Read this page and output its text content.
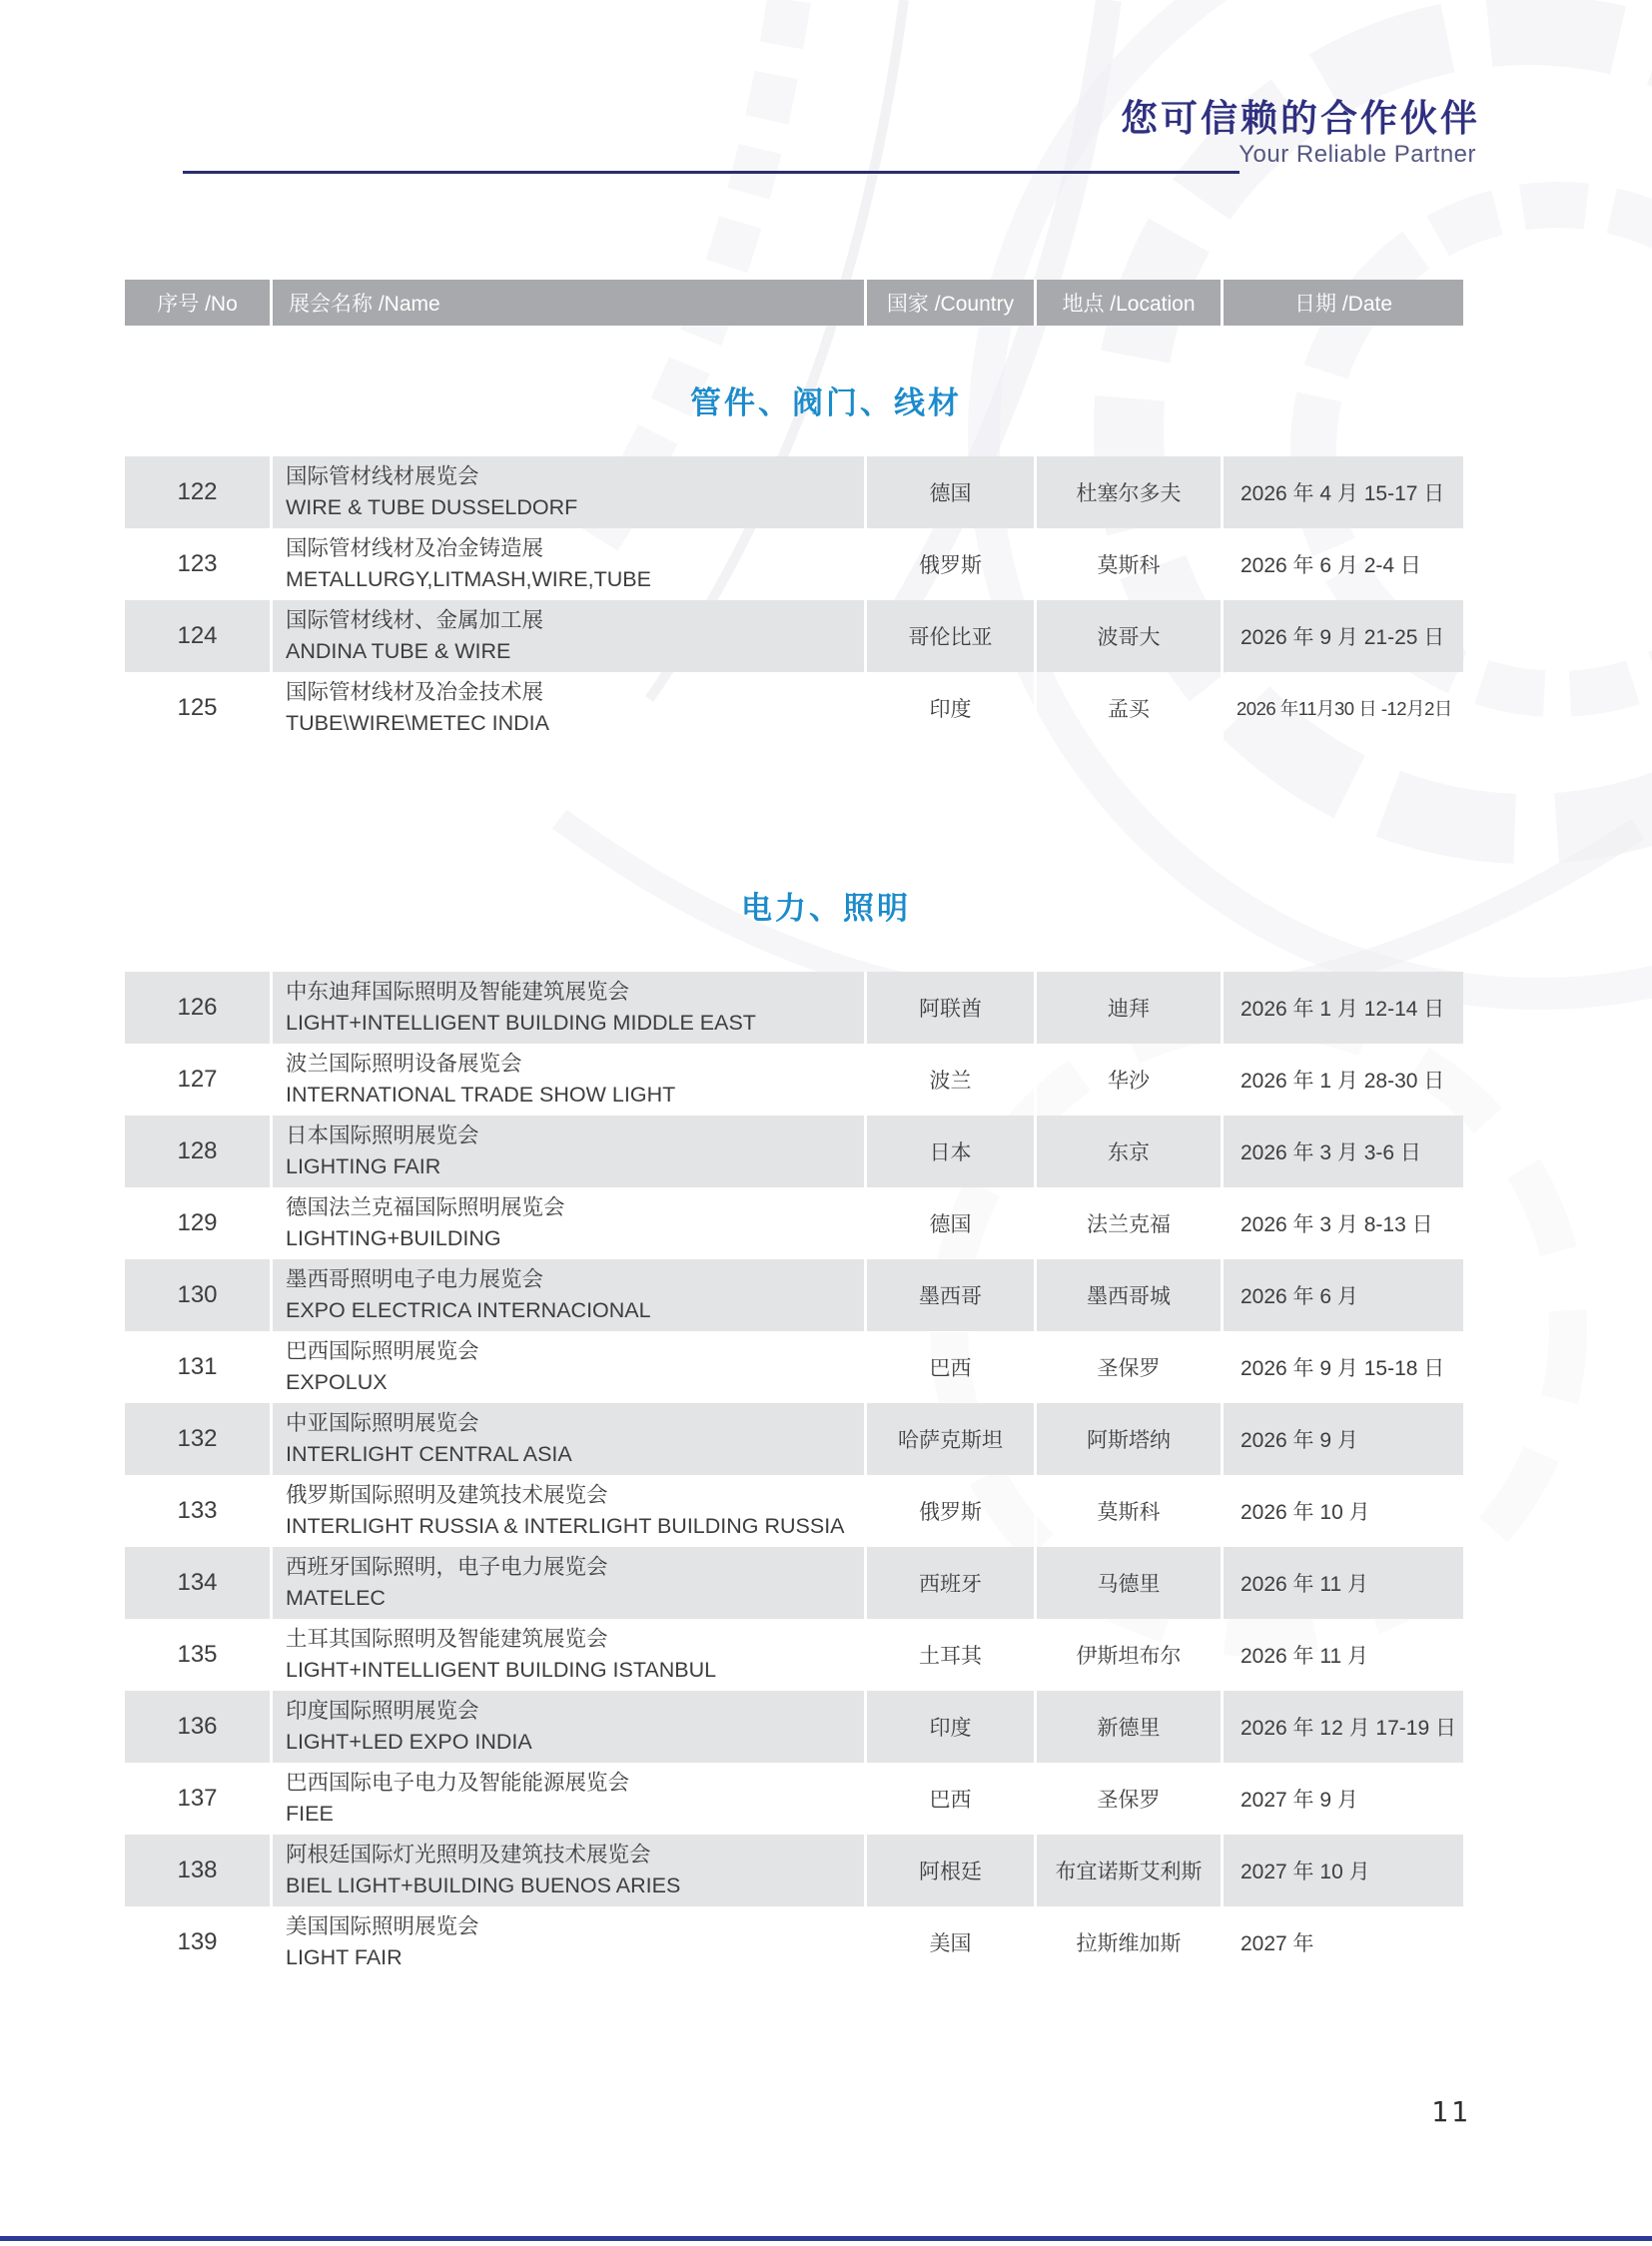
您可信赖的合作伙伴
Your Reliable Partner
序号 /No	展会名称 /Name	国家 /Country	地点 /Location	日期 /Date
管件、阀门、线材
122
国际管材线材展览会
WIRE & TUBE DUSSELDORF
德国	杜塞尔多夫	2026 年 4 月 15-17 日
123
国际管材线材及冶金铸造展
METALLURGY,LITMASH,WIRE,TUBE
俄罗斯	莫斯科	2026 年 6 月 2-4 日
124
国际管材线材、金属加工展
ANDINA TUBE & WIRE
哥伦比亚	波哥大	2026 年 9 月 21-25 日
125
国际管材线材及冶金技术展
TUBE\WIRE\METEC INDIA
印度	孟买	2026 年11月30 日 -12月2日
电力、照明
126
中东迪拜国际照明及智能建筑展览会
LIGHT+INTELLIGENT BUILDING MIDDLE EAST
阿联酋	迪拜	2026 年 1 月 12-14 日
127
波兰国际照明设备展览会
INTERNATIONAL TRADE SHOW LIGHT
波兰	华沙	2026 年 1 月 28-30 日
128
日本国际照明展览会
LIGHTING FAIR
日本	东京	2026 年 3 月 3-6 日
129
德国法兰克福国际照明展览会
LIGHTING+BUILDING
德国	法兰克福	2026 年 3 月 8-13 日
130
墨西哥照明电子电力展览会
EXPO ELECTRICA INTERNACIONAL
墨西哥	墨西哥城	2026 年 6 月
131
巴西国际照明展览会
EXPOLUX
巴西	圣保罗	2026 年 9 月 15-18 日
132
中亚国际照明展览会
INTERLIGHT CENTRAL ASIA
哈萨克斯坦	阿斯塔纳	2026 年 9 月
133
俄罗斯国际照明及建筑技术展览会
INTERLIGHT RUSSIA & INTERLIGHT BUILDING RUSSIA
俄罗斯	莫斯科	2026 年 10 月
134
西班牙国际照明，电子电力展览会
MATELEC
西班牙	马德里	2026 年 11 月
135
土耳其国际照明及智能建筑展览会
LIGHT+INTELLIGENT BUILDING ISTANBUL
土耳其	伊斯坦布尔	2026 年 11 月
136
印度国际照明展览会
LIGHT+LED EXPO INDIA
印度	新德里	2026 年 12 月 17-19 日
137
巴西国际电子电力及智能能源展览会
FIEE
巴西	圣保罗	2027 年 9 月
138
阿根廷国际灯光照明及建筑技术展览会
BIEL LIGHT+BUILDING BUENOS ARIES
阿根廷	布宜诺斯艾利斯	2027 年 10 月
139
美国国际照明展览会
LIGHT FAIR
美国	拉斯维加斯	2027 年
11
